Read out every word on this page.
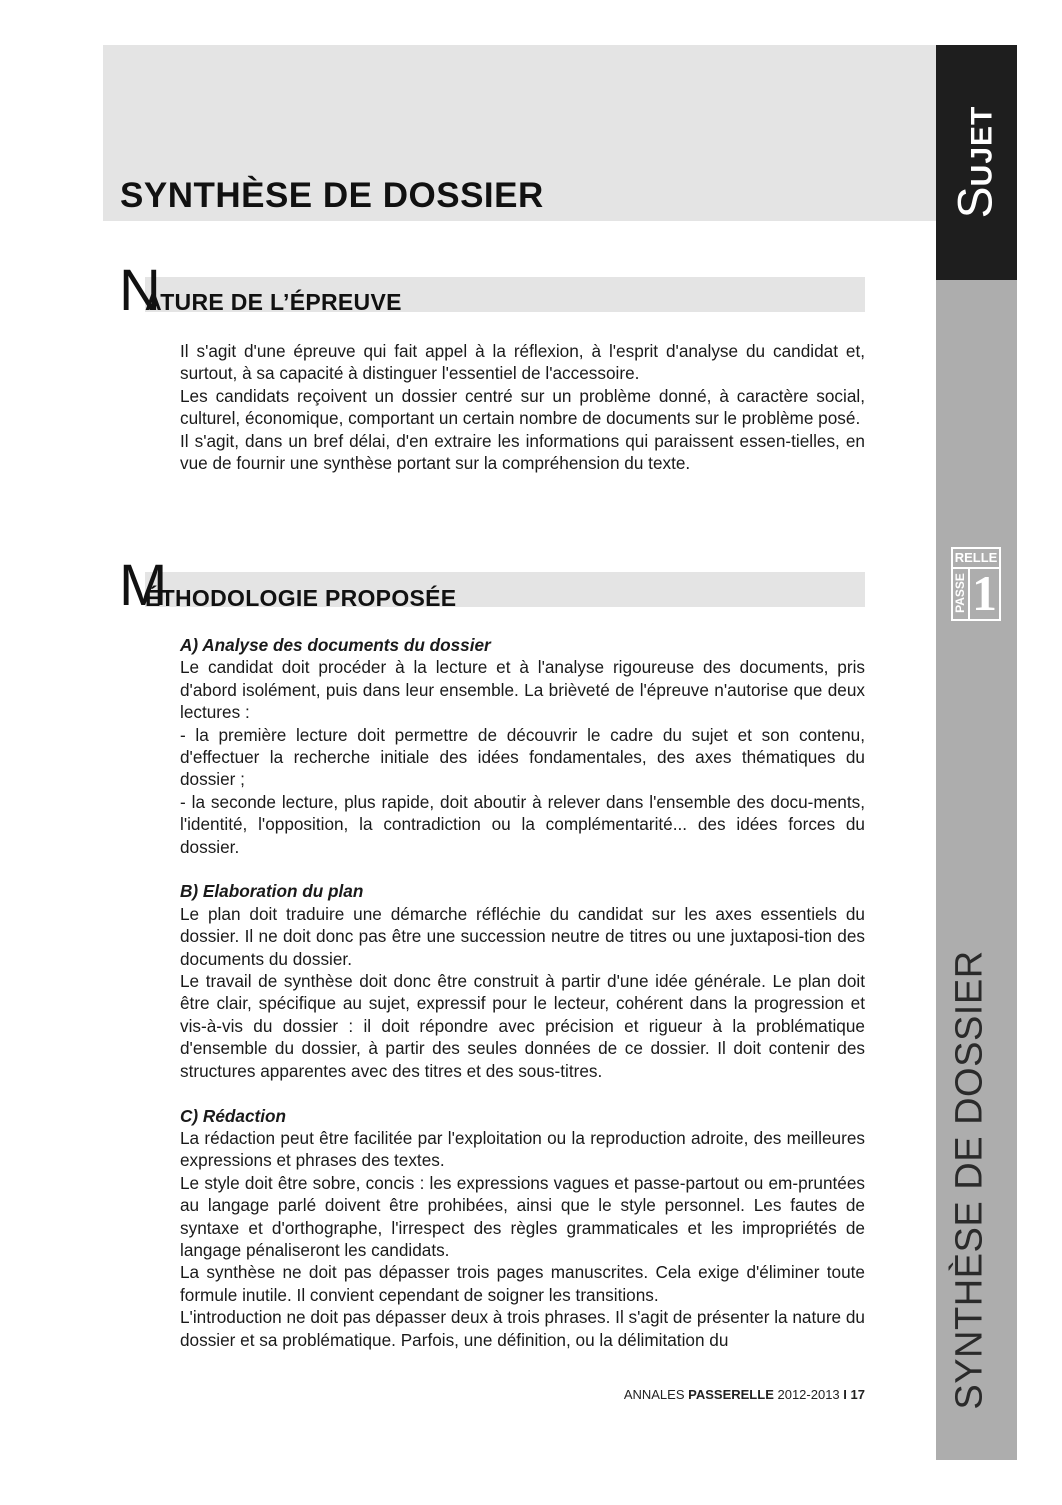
SYNTHÈSE DE DOSSIER	SUJET
SYNTHÈSE DE DOSSIER
RELLE
PASSE 1
N
ATURE DE L’ÉPREUVE

Il s'agit d'une épreuve qui fait appel à la réflexion, à l'esprit d'analyse du candidat et, surtout, à sa capacité à distinguer l'essentiel de l'accessoire.

Les candidats reçoivent un dossier centré sur un problème donné, à caractère social, culturel, économique, comportant un certain nombre de documents sur le problème posé.

Il s'agit, dans un bref délai, d'en extraire les informations qui paraissent essen-tielles, en vue de fournir une synthèse portant sur la compréhension du texte.

M
ÉTHODOLOGIE PROPOSÉE
A) Analyse des documents du dossier

Le candidat doit procéder à la lecture et à l'analyse rigoureuse des documents, pris d'abord isolément, puis dans leur ensemble. La brièveté de l'épreuve n'autorise que deux lectures :

- la première lecture doit permettre de découvrir le cadre du sujet et son contenu, d'effectuer la recherche initiale des idées fondamentales, des axes thématiques du dossier ;

- la seconde lecture, plus rapide, doit aboutir à relever dans l'ensemble des docu-ments, l'identité, l'opposition, la contradiction ou la complémentarité... des idées forces du dossier.

B) Elaboration du plan

Le plan doit traduire une démarche réfléchie du candidat sur les axes essentiels du dossier. Il ne doit donc pas être une succession neutre de titres ou une juxtaposi-tion des documents du dossier.

Le travail de synthèse doit donc être construit à partir d'une idée générale. Le plan doit être clair, spécifique au sujet, expressif pour le lecteur, cohérent dans la progression et vis-à-vis du dossier : il doit répondre avec précision et rigueur à la problématique d'ensemble du dossier, à partir des seules données de ce dossier. Il doit contenir des structures apparentes avec des titres et des sous-titres.

C) Rédaction

La rédaction peut être facilitée par l'exploitation ou la reproduction adroite, des meilleures expressions et phrases des textes.

Le style doit être sobre, concis : les expressions vagues et passe-partout ou em-pruntées au langage parlé doivent être prohibées, ainsi que le style personnel. Les fautes de syntaxe et d'orthographe, l'irrespect des règles grammaticales et les impropriétés de langage pénaliseront les candidats.

La synthèse ne doit pas dépasser trois pages manuscrites. Cela exige d'éliminer toute formule inutile. Il convient cependant de soigner les transitions.

L'introduction ne doit pas dépasser deux à trois phrases. Il s'agit de présenter la nature du dossier et sa problématique. Parfois, une définition, ou la délimitation du

ANNALES PASSERELLE 2012-2013 I 17
